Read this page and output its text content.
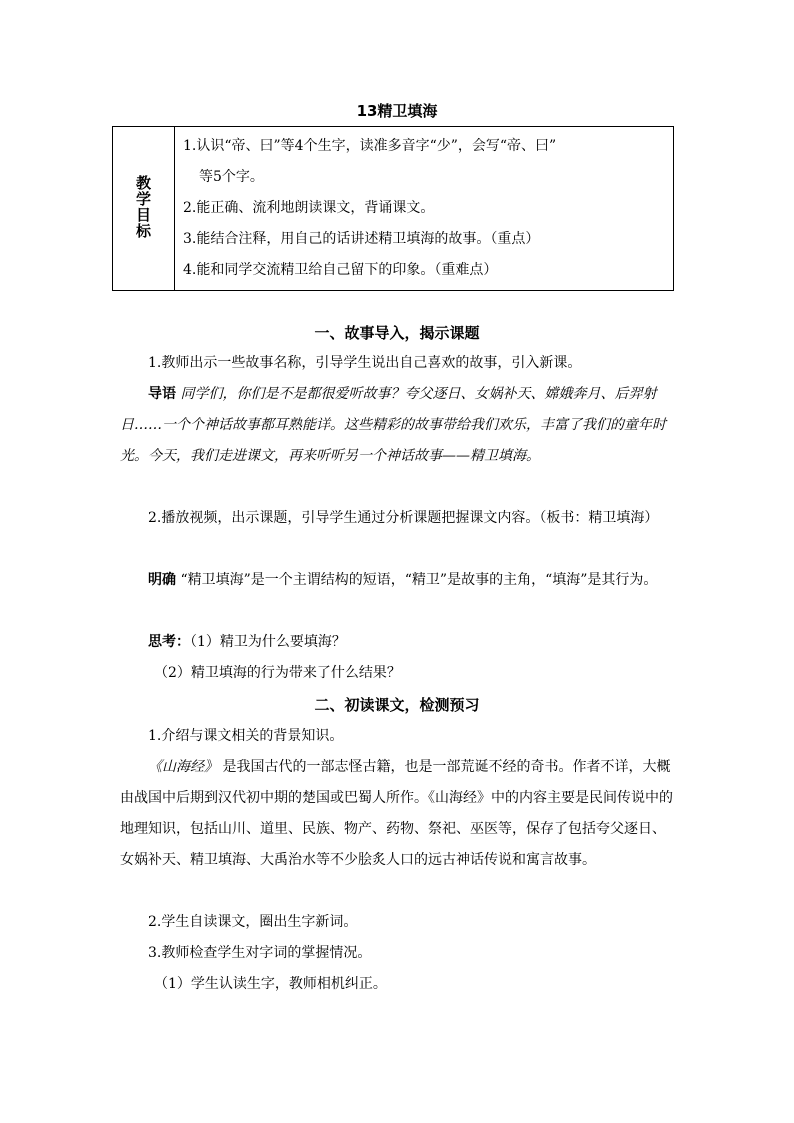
13精卫填海
教学目标	
1.认识“帝、曰”等4个生字，读准多音字“少”，会写“帝、曰”
等5个字。
2.能正确、流利地朗读课文，背诵课文。
3.能结合注释，用自己的话讲述精卫填海的故事。（重点）
4.能和同学交流精卫给自己留下的印象。（重难点）
一、故事导入，揭示课题
1.教师出示一些故事名称，引导学生说出自己喜欢的故事，引入新课。
导语 同学们，你们是不是都很爱听故事？夸父逐日、女娲补天、嫦娥奔月、后羿射日……一个个神话故事都耳熟能详。这些精彩的故事带给我们欢乐，丰富了我们的童年时光。今天，我们走进课文，再来听听另一个神话故事——精卫填海。
2.播放视频，出示课题，引导学生通过分析课题把握课文内容。（板书：精卫填海）
明确 “精卫填海”是一个主谓结构的短语，“精卫”是故事的主角，“填海”是其行为。
思考：（1）精卫为什么要填海？
（2）精卫填海的行为带来了什么结果？
二、初读课文，检测预习
1.介绍与课文相关的背景知识。
《山海经》 是我国古代的一部志怪古籍，也是一部荒诞不经的奇书。作者不详，大概由战国中后期到汉代初中期的楚国或巴蜀人所作。《山海经》中的内容主要是民间传说中的地理知识，包括山川、道里、民族、物产、药物、祭祀、巫医等，保存了包括夸父逐日、女娲补天、精卫填海、大禹治水等不少脍炙人口的远古神话传说和寓言故事。
2.学生自读课文，圈出生字新词。
3.教师检查学生对字词的掌握情况。
（1）学生认读生字，教师相机纠正。
